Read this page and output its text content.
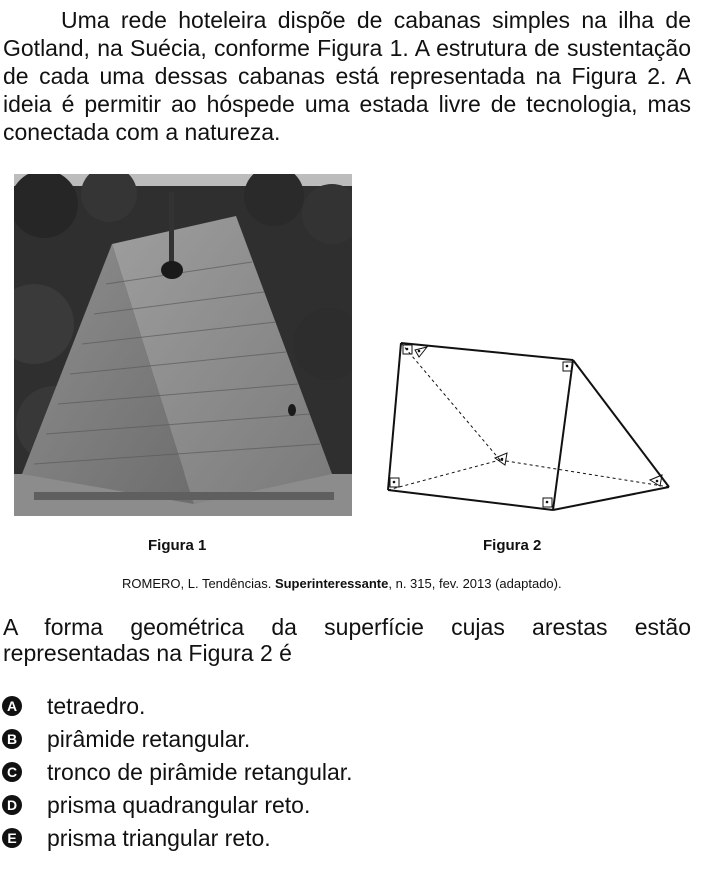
Uma rede hoteleira dispõe de cabanas simples na ilha de Gotland, na Suécia, conforme Figura 1. A estrutura de sustentação de cada uma dessas cabanas está representada na Figura 2. A ideia é permitir ao hóspede uma estada livre de tecnologia, mas conectada com a natureza.

Figura 1	Figura 2
ROMERO, L. Tendências. Superinteressante, n. 315, fev. 2013 (adaptado).

A forma geométrica da superfície cujas arestas estão representadas na Figura 2 é

A tetraedro.
B pirâmide retangular.
C tronco de pirâmide retangular.
D prisma quadrangular reto.
E prisma triangular reto.
